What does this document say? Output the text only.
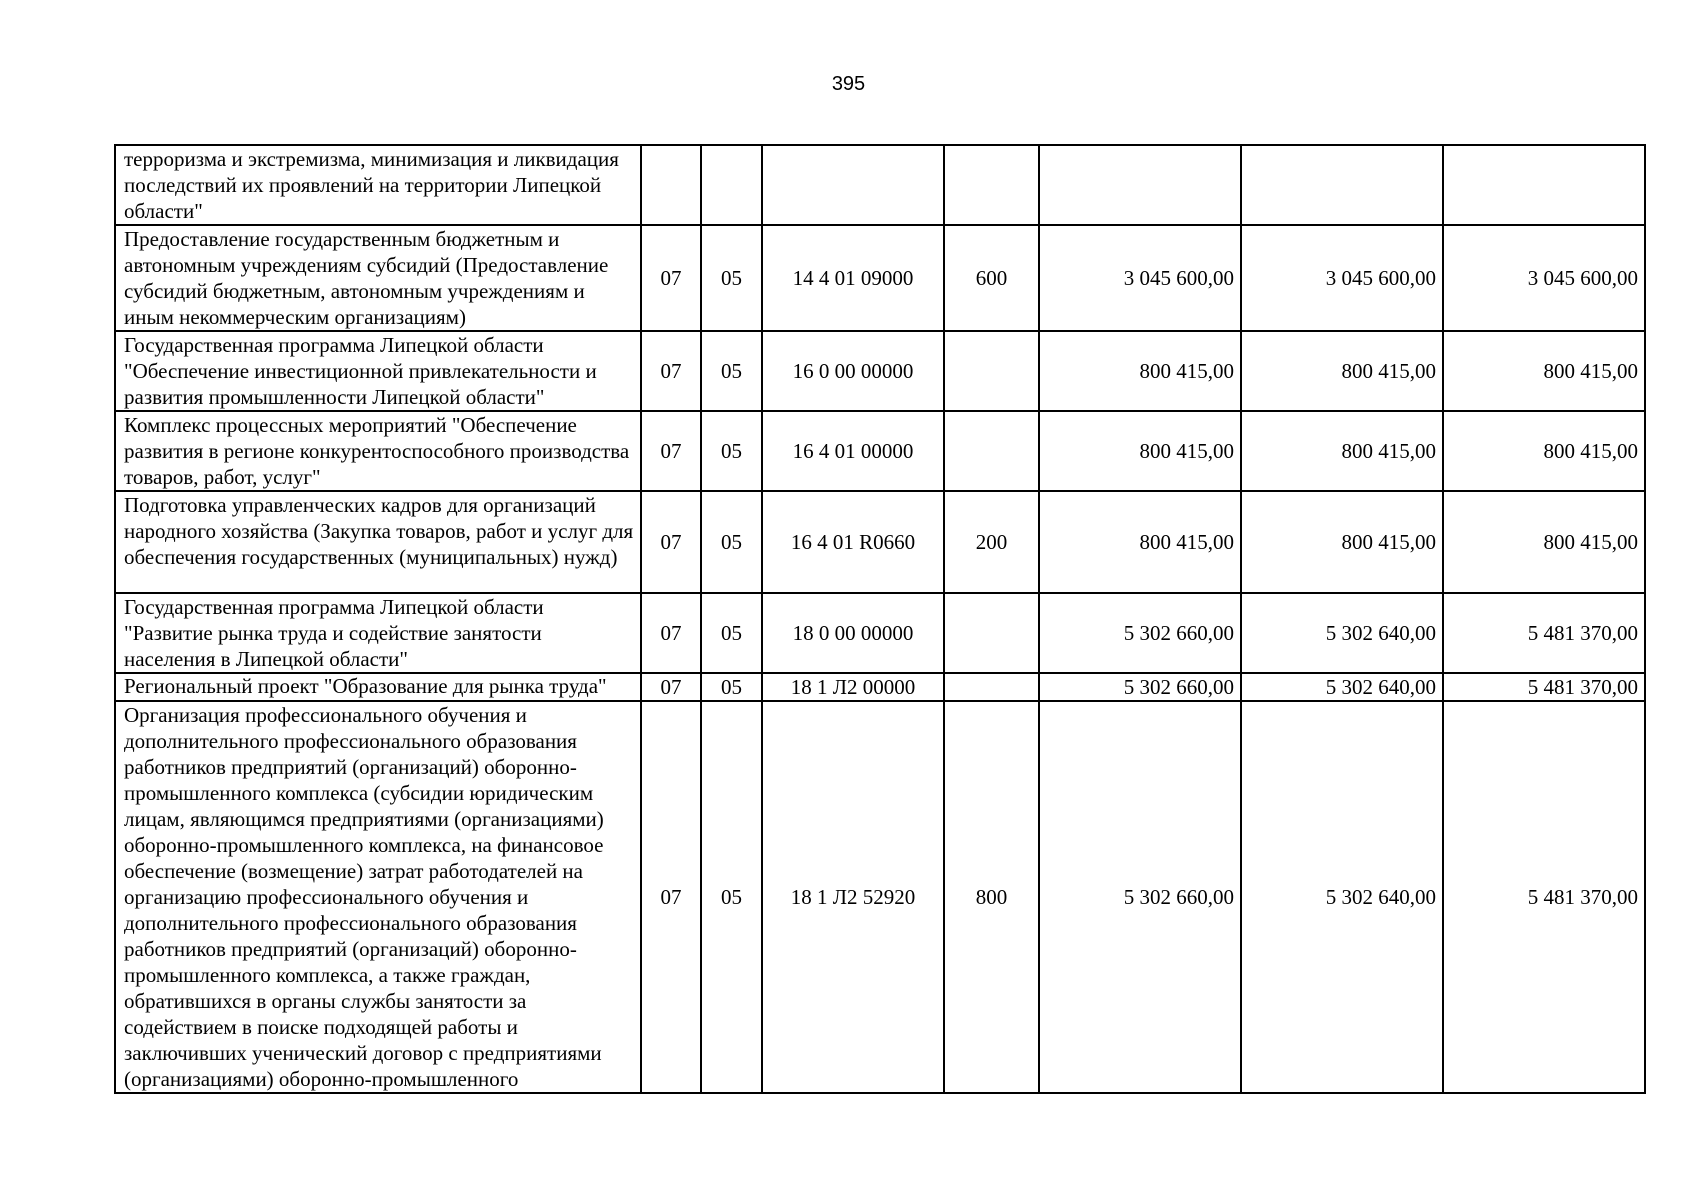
395
терроризма и экстремизма, минимизация и ликвидация последствий их проявлений на территории Липецкой области"							
Предоставление государственным бюджетным и автономным учреждениям субсидий (Предоставление субсидий бюджетным, автономным учреждениям и иным некоммерческим организациям)	07	05	14 4 01 09000	600	3 045 600,00	3 045 600,00	3 045 600,00
Государственная программа Липецкой области "Обеспечение инвестиционной привлекательности и развития промышленности Липецкой области"	07	05	16 0 00 00000		800 415,00	800 415,00	800 415,00
Комплекс процессных мероприятий "Обеспечение развития в регионе конкурентоспособного производства товаров, работ, услуг"	07	05	16 4 01 00000		800 415,00	800 415,00	800 415,00
Подготовка управленческих кадров для организаций народного хозяйства (Закупка товаров, работ и услуг для обеспечения государственных (муниципальных) нужд)	07	05	16 4 01 R0660	200	800 415,00	800 415,00	800 415,00
Государственная программа Липецкой области "Развитие рынка труда и содействие занятости населения в Липецкой области"	07	05	18 0 00 00000		5 302 660,00	5 302 640,00	5 481 370,00
Региональный проект "Образование для рынка труда"	07	05	18 1 Л2 00000		5 302 660,00	5 302 640,00	5 481 370,00
Организация профессионального обучения и дополнительного профессионального образования работников предприятий (организаций) оборонно-промышленного комплекса (субсидии юридическим лицам, являющимся предприятиями (организациями) оборонно-промышленного комплекса, на финансовое обеспечение (возмещение) затрат работодателей на организацию профессионального обучения и дополнительного профессионального образования работников предприятий (организаций) оборонно-промышленного комплекса, а также граждан, обратившихся в органы службы занятости за содействием в поиске подходящей работы и заключивших ученический договор с предприятиями (организациями) оборонно-промышленного	07	05	18 1 Л2 52920	800	5 302 660,00	5 302 640,00	5 481 370,00
